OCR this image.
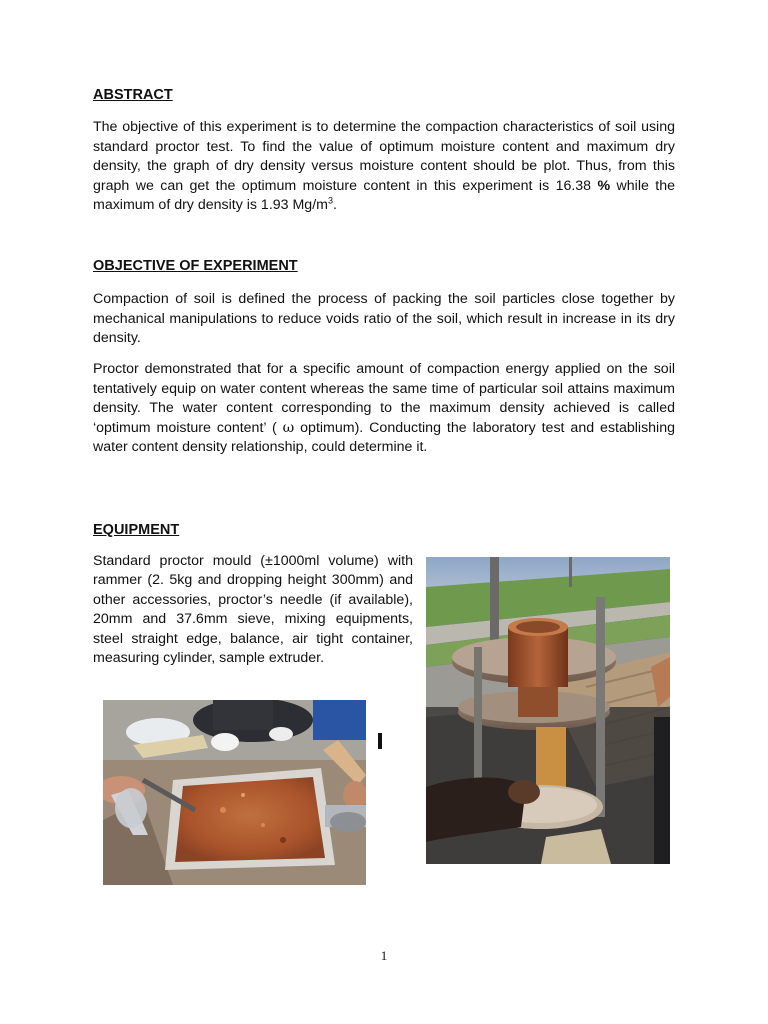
ABSTRACT

The objective of this experiment is to determine the compaction characteristics of soil using standard proctor test. To find the value of optimum moisture content and maximum dry density, the graph of dry density versus moisture content should be plot. Thus, from this graph we can get the optimum moisture content in this experiment is 16.38 % while the maximum of dry density is 1.93 $Mg/m^3$.

OBJECTIVE OF EXPERIMENT

Compaction of soil is defined the process of packing the soil particles close together by mechanical manipulations to reduce voids ratio of the soil, which result in increase in its dry density.

Proctor demonstrated that for a specific amount of compaction energy applied on the soil tentatively equip on water content whereas the same time of particular soil attains maximum density. The water content corresponding to the maximum density achieved is called ‘optimum moisture content’ ( ω optimum). Conducting the laboratory test and establishing water content density relationship, could determine it.

EQUIPMENT

Standard proctor mould (±1000ml volume) with rammer (2. 5kg and dropping height 300mm) and other accessories, proctor’s needle (if available), 20mm and 37.6mm sieve, mixing equipments, steel straight edge, balance, air tight container, measuring cylinder, sample extruder.

1
